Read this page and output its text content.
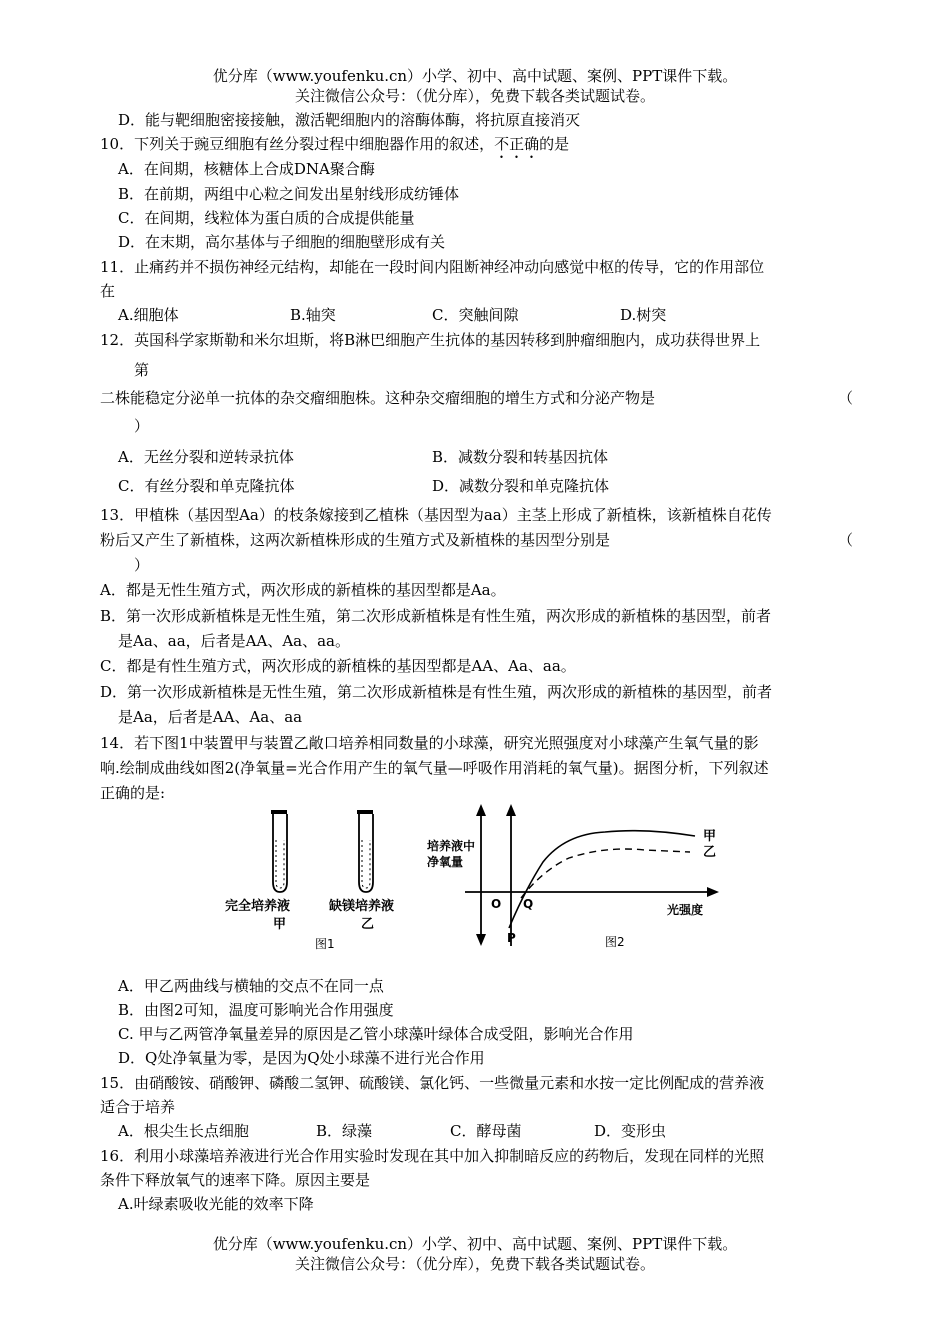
优分库（www.youfenku.cn）小学、初中、高中试题、案例、PPT课件下载。
关注微信公众号：（优分库），免费下载各类试题试卷。
D．能与靶细胞密接接触，激活靶细胞内的溶酶体酶，将抗原直接消灭
10．下列关于豌豆细胞有丝分裂过程中细胞器作用的叙述，不正确的是
A．在间期，核糖体上合成DNA聚合酶
B．在前期，两组中心粒之间发出星射线形成纺锤体
C．在间期，线粒体为蛋白质的合成提供能量
D．在末期，高尔基体与子细胞的细胞壁形成有关
11．止痛药并不损伤神经元结构，却能在一段时间内阻断神经冲动向感觉中枢的传导，它的作用部位
在
A.细胞体	B.轴突	C．突触间隙	D.树突
12．英国科学家斯勒和米尔坦斯，将B淋巴细胞产生抗体的基因转移到肿瘤细胞内，成功获得世界上
第
二株能稳定分泌单一抗体的杂交瘤细胞株。这种杂交瘤细胞的增生方式和分泌产物是	（
）
A．无丝分裂和逆转录抗体	B．减数分裂和转基因抗体
C．有丝分裂和单克隆抗体	D．减数分裂和单克隆抗体
13．甲植株（基因型Aa）的枝条嫁接到乙植株（基因型为aa）主茎上形成了新植株，该新植株自花传
粉后又产生了新植株，这两次新植株形成的生殖方式及新植株的基因型分别是	（
）
A．都是无性生殖方式，两次形成的新植株的基因型都是Aa。
B．第一次形成新植株是无性生殖，第二次形成新植株是有性生殖，两次形成的新植株的基因型，前者
是Aa、aa，后者是AA、Aa、aa。
C．都是有性生殖方式，两次形成的新植株的基因型都是AA、Aa、aa。
D．第一次形成新植株是无性生殖，第二次形成新植株是有性生殖，两次形成的新植株的基因型，前者
是Aa，后者是AA、Aa、aa
14．若下图1中装置甲与装置乙敞口培养相同数量的小球藻，研究光照强度对小球藻产生氧气量的影
响.绘制成曲线如图2(净氧量=光合作用产生的氧气量—呼吸作用消耗的氧气量)。据图分析，下列叙述
正确的是:
完全培养液
甲
缺镁培养液
乙
图1
培养液中
净氧量
光强度
O Q
P
甲
乙
图2
A．甲乙两曲线与横轴的交点不在同一点
B．由图2可知，温度可影响光合作用强度
C. 甲与乙两管净氧量差异的原因是乙管小球藻叶绿体合成受阻，影响光合作用
D．Q处净氧量为零，是因为Q处小球藻不进行光合作用
15．由硝酸铵、硝酸钾、磷酸二氢钾、硫酸镁、氯化钙、一些微量元素和水按一定比例配成的营养液
适合于培养
A．根尖生长点细胞	B．绿藻	C．酵母菌	D．变形虫
16．利用小球藻培养液进行光合作用实验时发现在其中加入抑制暗反应的药物后，发现在同样的光照
条件下释放氧气的速率下降。原因主要是
A.叶绿素吸收光能的效率下降
优分库（www.youfenku.cn）小学、初中、高中试题、案例、PPT课件下载。
关注微信公众号：（优分库），免费下载各类试题试卷。
